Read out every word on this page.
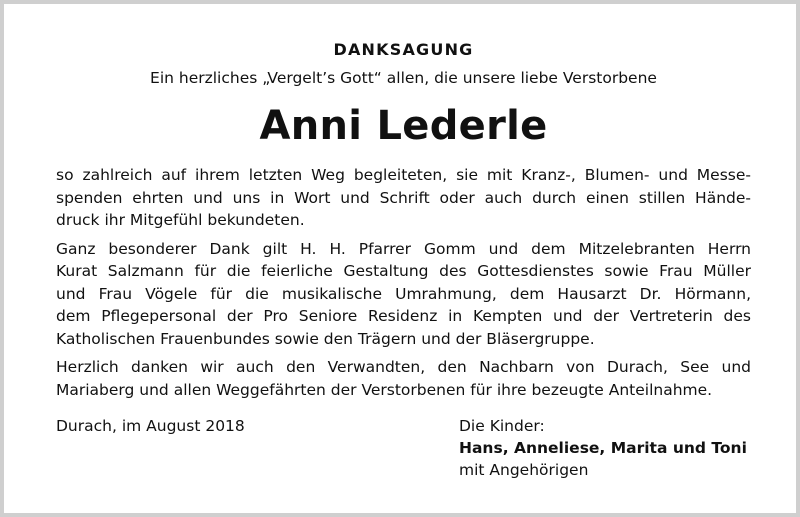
DANKSAGUNG

Ein herzliches „Vergelt’s Gott“ allen, die unsere liebe Verstorbene

Anni Lederle

so zahlreich auf ihrem letzten Weg begleiteten, sie mit Kranz-, Blumen- und Messe-
spenden ehrten und uns in Wort und Schrift oder auch durch einen stillen Hände-
druck ihr Mitgefühl bekundeten.

Ganz besonderer Dank gilt H. H. Pfarrer Gomm und dem Mitzelebranten Herrn
Kurat Salzmann für die feierliche Gestaltung des Gottesdienstes sowie Frau Müller
und Frau Vögele für die musikalische Umrahmung, dem Hausarzt Dr. Hörmann,
dem Pflegepersonal der Pro Seniore Residenz in Kempten und der Vertreterin des
Katholischen Frauenbundes sowie den Trägern und der Bläsergruppe.

Herzlich danken wir auch den Verwandten, den Nachbarn von Durach, See und
Mariaberg und allen Weggefährten der Verstorbenen für ihre bezeugte Anteilnahme.

Durach, im August 2018	Die Kinder:
Hans, Anneliese, Marita und Toni
mit Angehörigen
